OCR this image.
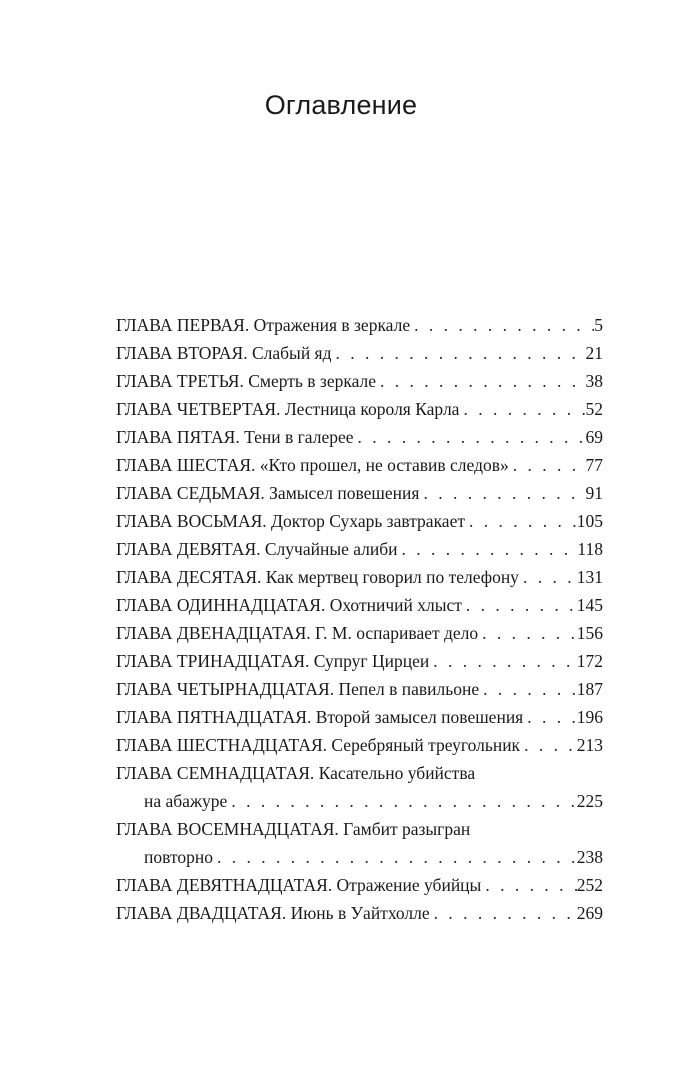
Оглавление
ГЛАВА ПЕРВАЯ. Отражения в зеркале . . .	5
ГЛАВА ВТОРАЯ. Слабый яд . . .	21
ГЛАВА ТРЕТЬЯ. Смерть в зеркале . . .	38
ГЛАВА ЧЕТВЕРТАЯ. Лестница короля Карла . . .	52
ГЛАВА ПЯТАЯ. Тени в галерее . . .	69
ГЛАВА ШЕСТАЯ. «Кто прошел, не оставив следов» . . .	77
ГЛАВА СЕДЬМАЯ. Замысел повешения . . .	91
ГЛАВА ВОСЬМАЯ. Доктор Сухарь завтракает . . .	105
ГЛАВА ДЕВЯТАЯ. Случайные алиби . . .	118
ГЛАВА ДЕСЯТАЯ. Как мертвец говорил по телефону . . .	131
ГЛАВА ОДИННАДЦАТАЯ. Охотничий хлыст . . .	145
ГЛАВА ДВЕНАДЦАТАЯ. Г. М. оспаривает дело . . .	156
ГЛАВА ТРИНАДЦАТАЯ. Супруг Цирцеи . . .	172
ГЛАВА ЧЕТЫРНАДЦАТАЯ. Пепел в павильоне . . .	187
ГЛАВА ПЯТНАДЦАТАЯ. Второй замысел повешения . . .	196
ГЛАВА ШЕСТНАДЦАТАЯ. Серебряный треугольник . . .	213
ГЛАВА СЕМНАДЦАТАЯ. Касательно убийства
на абажуре . . .	225
ГЛАВА ВОСЕМНАДЦАТАЯ. Гамбит разыгран
повторно . . .	238
ГЛАВА ДЕВЯТНАДЦАТАЯ. Отражение убийцы . . .	252
ГЛАВА ДВАДЦАТАЯ. Июнь в Уайтхолле . . .	269
